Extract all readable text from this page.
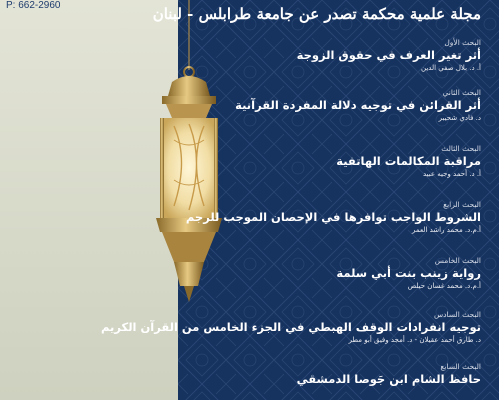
P: 662-2960	مجلة علمية محكمة تصدر عن جامعة طرابلس - لبنان
البحث الأول
أثر تغير العرف في حقوق الزوجة
أ. د. بلال صفي الدين
البحث الثاني
أثر القرائن في توجيه دلالة المفردة القرآنية
د. فادي شحيبر
البحث الثالث
مراقبة المكالمات الهاتفية
أ. د. أحمد وجيه عبيد
البحث الرابع
الشروط الواجب توافرها في الإحصان الموجب للرجم
أ.م.د. محمد راشد العمر
البحث الخامس
رواية زينب بنت أبي سلمة
أ.م.د. محمد غسان حيلص
البحث السادس
توجيه انفرادات الوقف الهبطي في الجزء الخامس من القرآن الكريم
د. طارق أحمد عقيلان - د. أمجد وفيق أبو مطر
البحث السابع
حافظ الشام ابن جَوصا الدمشقي
